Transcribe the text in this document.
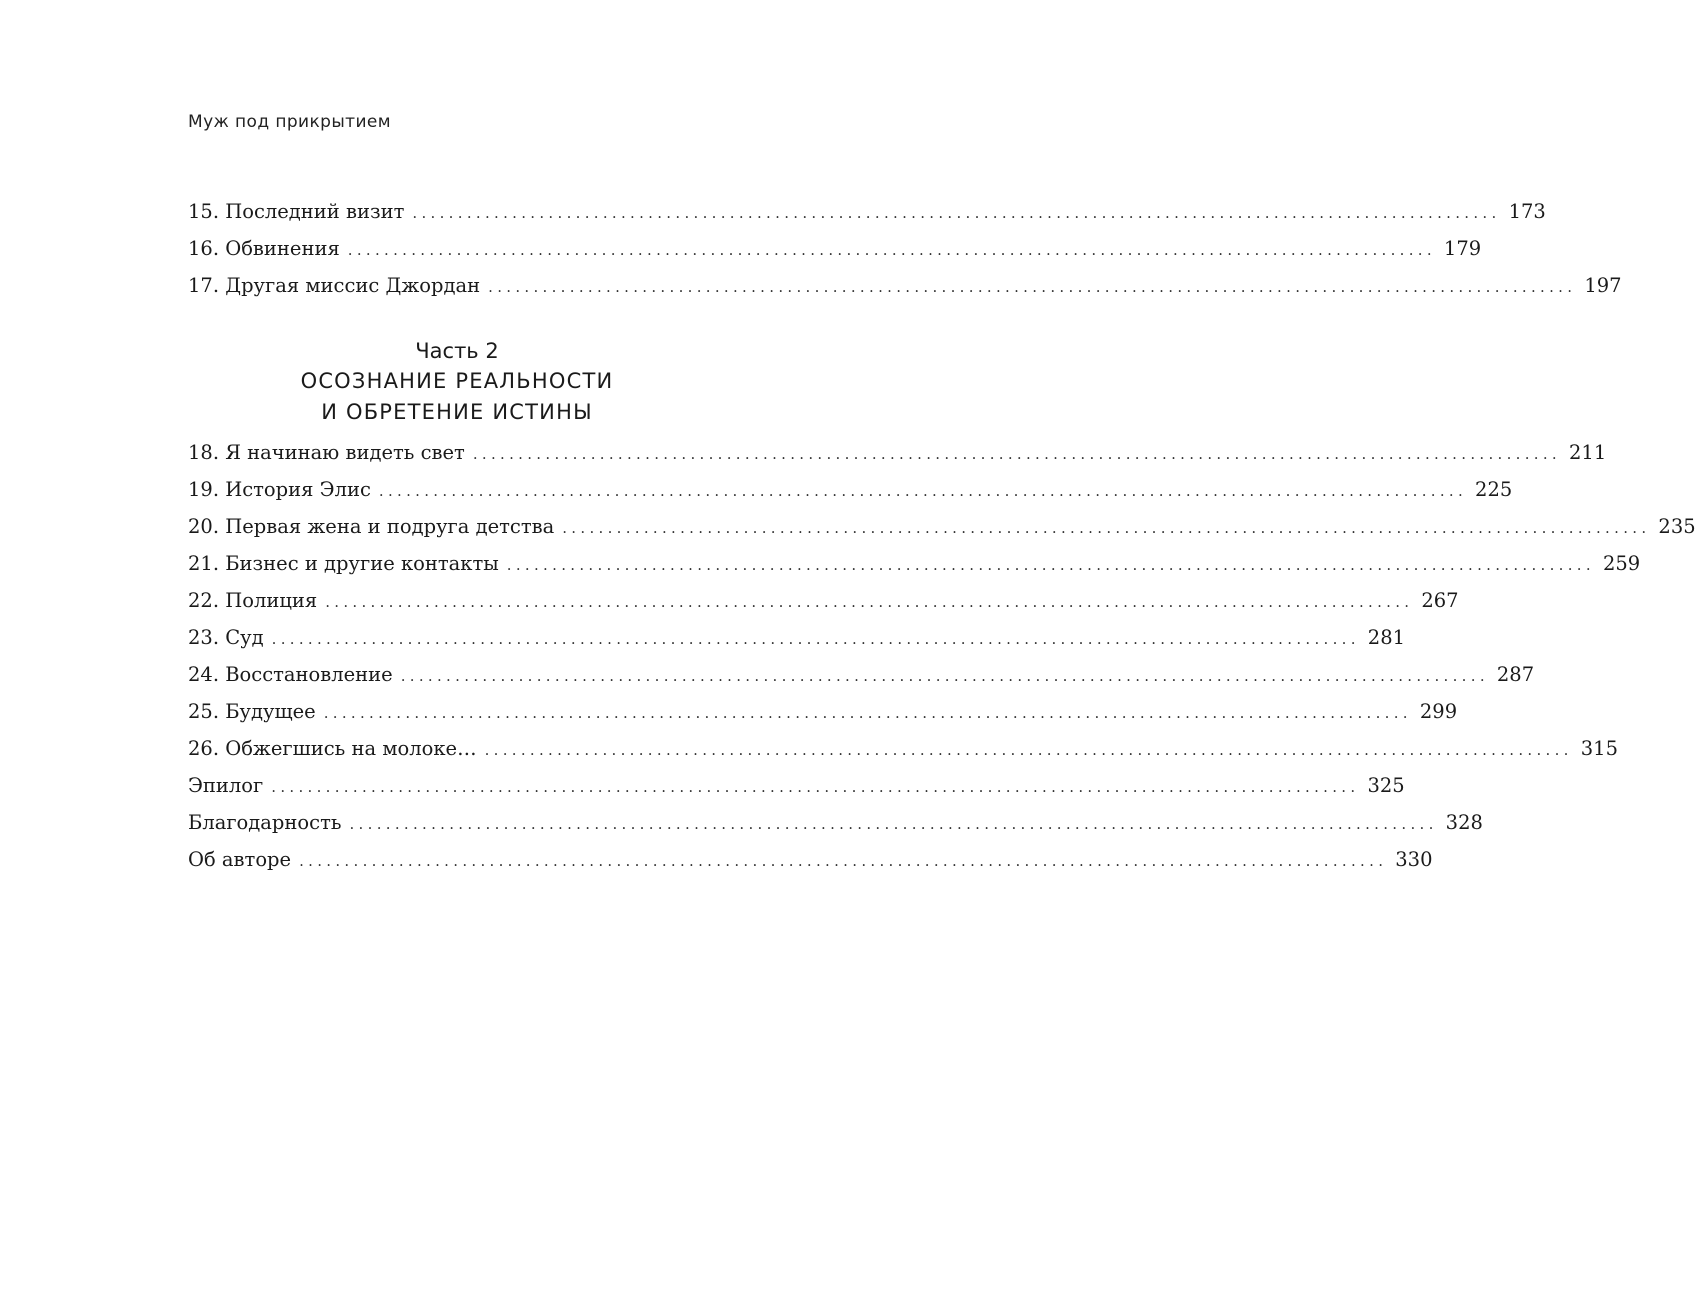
Муж под прикрытием
15. Последний визит ........................................................................................................................ 173
16. Обвинения ........................................................................................................................ 179
17. Другая миссис Джордан ........................................................................................................................ 197
Часть 2
ОСОЗНАНИЕ РЕАЛЬНОСТИ
И ОБРЕТЕНИЕ ИСТИНЫ
18. Я начинаю видеть свет ........................................................................................................................ 211
19. История Элис ........................................................................................................................ 225
20. Первая жена и подруга детства ........................................................................................................................ 235
21. Бизнес и другие контакты ........................................................................................................................ 259
22. Полиция ........................................................................................................................ 267
23. Суд ........................................................................................................................ 281
24. Восстановление ........................................................................................................................ 287
25. Будущее ........................................................................................................................ 299
26. Обжегшись на молоке… ........................................................................................................................ 315
Эпилог ........................................................................................................................ 325
Благодарность ........................................................................................................................ 328
Об авторе ........................................................................................................................ 330
